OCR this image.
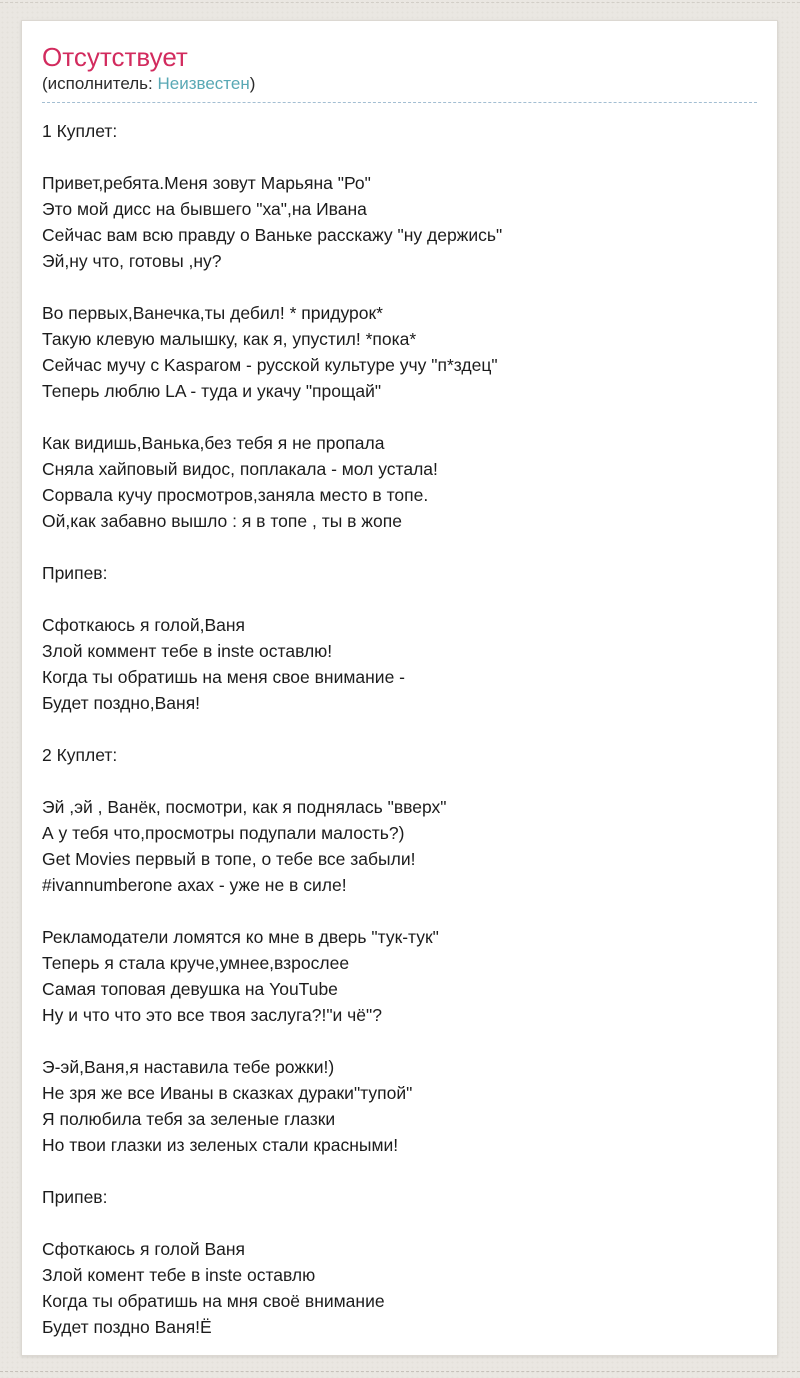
Отсутствует
(исполнитель: Неизвестен)
1 Куплет:

Привет,ребята.Меня зовут Марьяна "Ро"
Это мой дисс на бывшего "ха",на Ивана
Сейчас вам всю правду о Ваньке расскажу "ну держись"
Эй,ну что, готовы ,ну?

Во первых,Ванечка,ты дебил! * придурок*
Такую клевую малышку, как я, упустил! *пока*
Сейчас мучу с Kasparом - русской культуре учу "п*здец"
Теперь люблю LA - туда и укачу "прощай"

Как видишь,Ванька,без тебя я не пропала
Сняла хайповый видос, поплакала - мол устала!
Сорвала кучу просмотров,заняла место в топе.
Ой,как забавно вышло : я в топе , ты в жопе

Припев:

Сфоткаюсь я голой,Ваня
Злой коммент тебе в inste оставлю!
Когда ты обратишь на меня свое внимание -
Будет поздно,Ваня!

2 Куплет:

Эй ,эй , Ванёк, посмотри, как я поднялась "вверх"
А у тебя что,просмотры подупали малость?)
Get Movies первый в топе, о тебе все забыли!
#ivannumberone ахах - уже не в силе!

Рекламодатели ломятся ко мне в дверь "тук-тук"
Теперь я стала круче,умнее,взрослее
Самая топовая девушка на YouTube
Ну и что что это все твоя заслуга?!"и чё"?

Э-эй,Ваня,я наставила тебе рожки!)
Не зря же все Иваны в сказках дураки"тупой"
Я полюбила тебя за зеленые глазки
Но твои глазки из зеленых стали красными!

Припев:

Сфоткаюсь я голой Ваня
Злой комент тебе в inste оставлю
Когда ты обратишь на мня своё внимание
Будет поздно Ваня!Ё
